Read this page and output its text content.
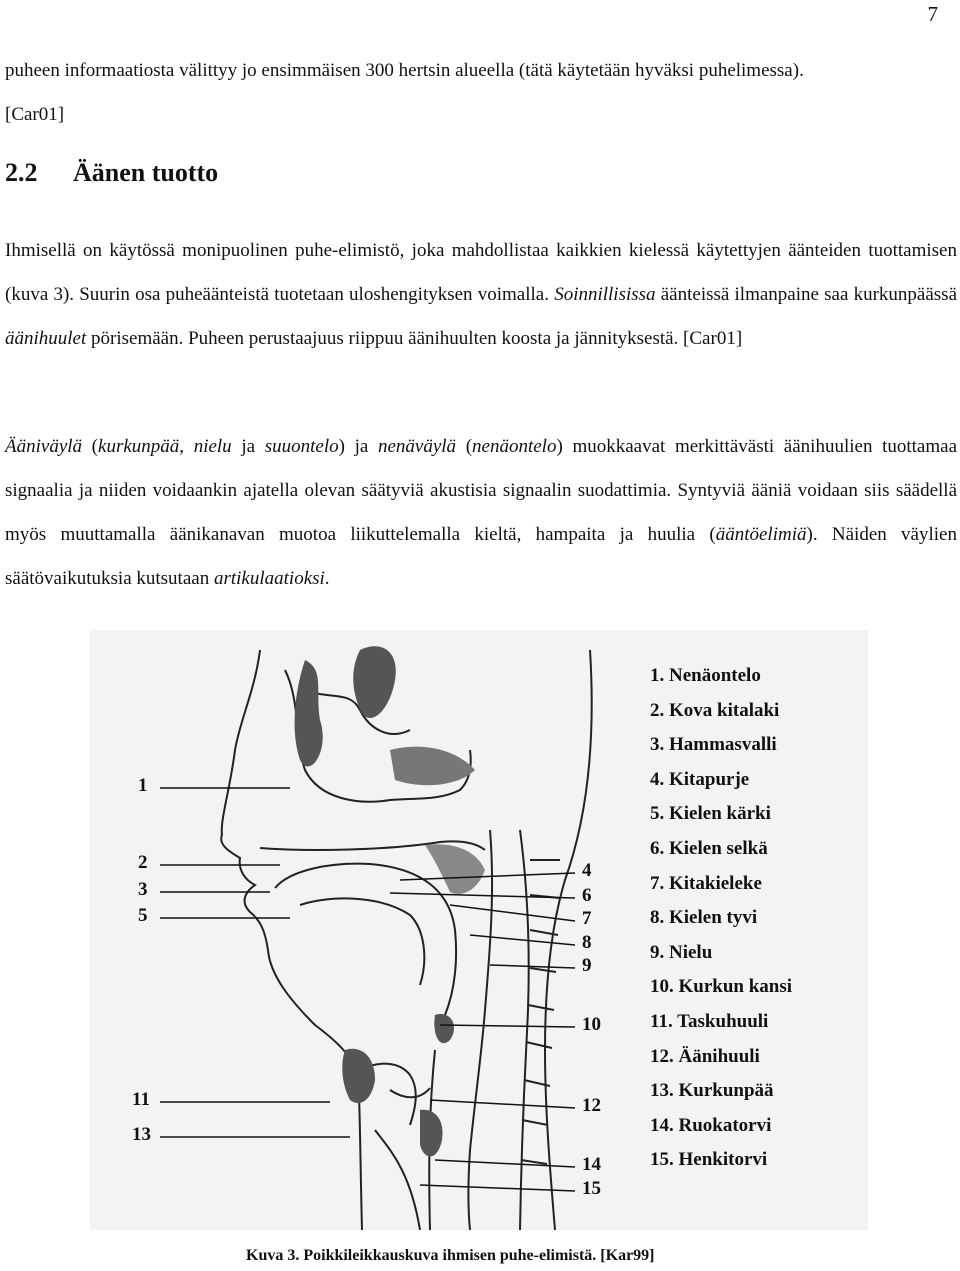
7
puheen informaatiosta välittyy jo ensimmäisen 300 hertsin alueella (tätä käytetään hyväksi puhelimessa).
[Car01]
2.2 Äänen tuotto
Ihmisellä on käytössä monipuolinen puhe-elimistö, joka mahdollistaa kaikkien kielessä käytettyjen äänteiden tuottamisen (kuva 3). Suurin osa puheäänteistä tuotetaan uloshengityksen voimalla. Soinnillisissa äänteissä ilmanpaine saa kurkunpäässä äänihuulet pörisemään. Puheen perustaajuus riippuu äänihuulten koosta ja jännityksestä. [Car01]
Ääniväylä (kurkunpää, nielu ja suuontelo) ja nenäväylä (nenäontelo) muokkaavat merkittävästi äänihuulien tuottamaa signaalia ja niiden voidaankin ajatella olevan säätyviä akustisia signaalin suodattimia. Syntyviä ääniä voidaan siis säädellä myös muuttamalla äänikanavan muotoa liikuttelemalla kieltä, hampaita ja huulia (ääntöelimiä). Näiden väylien säätövaikutuksia kutsutaan artikulaatioksi.
1
2
3
5
11
13
4
6
7
8
9
10
12
14
15
1. Nenäontelo
2. Kova kitalaki
3. Hammasvalli
4. Kitapurje
5. Kielen kärki
6. Kielen selkä
7. Kitakieleke
8. Kielen tyvi
9. Nielu
10. Kurkun kansi
11. Taskuhuuli
12. Äänihuuli
13. Kurkunpää
14. Ruokatorvi
15. Henkitorvi
Kuva 3. Poikkileikkauskuva ihmisen puhe-elimistä. [Kar99]
